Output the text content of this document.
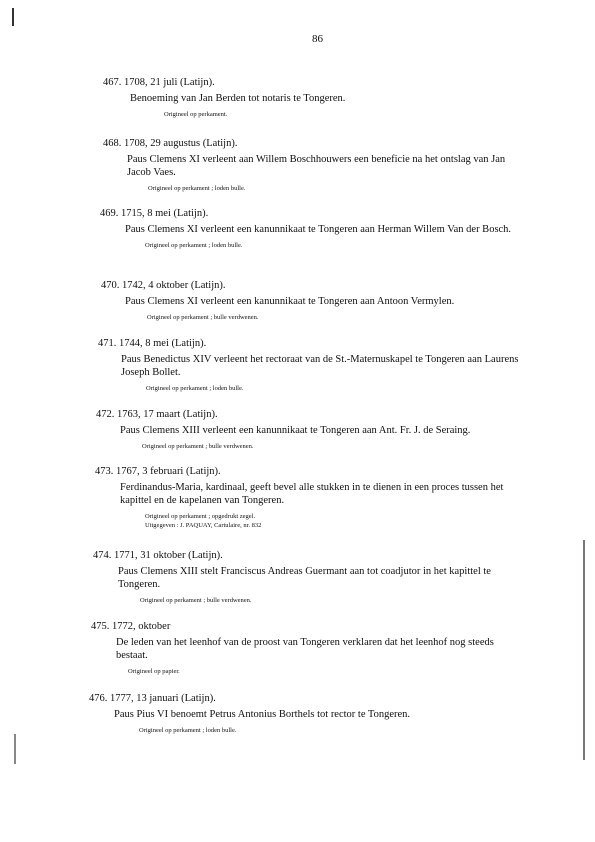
86
467. 1708, 21 juli (Latijn).
Benoeming van Jan Berden tot notaris te Tongeren.
Origineel op perkament.
468. 1708, 29 augustus (Latijn).
Paus Clemens XI verleent aan Willem Boschhouwers een beneficie na het ontslag van Jan Jacob Vaes.
Origineel op perkament ; loden bulle.
469. 1715, 8 mei (Latijn).
Paus Clemens XI verleent een kanunnikaat te Tongeren aan Herman Willem Van der Bosch.
Origineel op perkament ; loden bulle.
470. 1742, 4 oktober (Latijn).
Paus Clemens XI verleent een kanunnikaat te Tongeren aan Antoon Vermylen.
Origineel op perkament ; bulle verdwenen.
471. 1744, 8 mei (Latijn).
Paus Benedictus XIV verleent het rectoraat van de St.-Maternuskapel te Tongeren aan Laurens Joseph Bollet.
Origineel op perkament ; loden bulle.
472. 1763, 17 maart (Latijn).
Paus Clemens XIII verleent een kanunnikaat te Tongeren aan Ant. Fr. J. de Seraing.
Origineel op perkament ; bulle verdwenen.
473. 1767, 3 februari (Latijn).
Ferdinandus-Maria, kardinaal, geeft bevel alle stukken in te dienen in een proces tussen het kapittel en de kapelanen van Tongeren.
Origineel op perkament ; opgedrukt zegel.
Uitgegeven : J. PAQUAY, Cartulaire, nr. 832
474. 1771, 31 oktober (Latijn).
Paus Clemens XIII stelt Franciscus Andreas Guermant aan tot coadjutor in het kapittel te Tongeren.
Origineel op perkament ; bulle verdwenen.
475. 1772, oktober
De leden van het leenhof van de proost van Tongeren verklaren dat het leenhof nog steeds bestaat.
Origineel op papier.
476. 1777, 13 januari (Latijn).
Paus Pius VI benoemt Petrus Antonius Borthels tot rector te Tongeren.
Origineel op perkament ; loden bulle.
